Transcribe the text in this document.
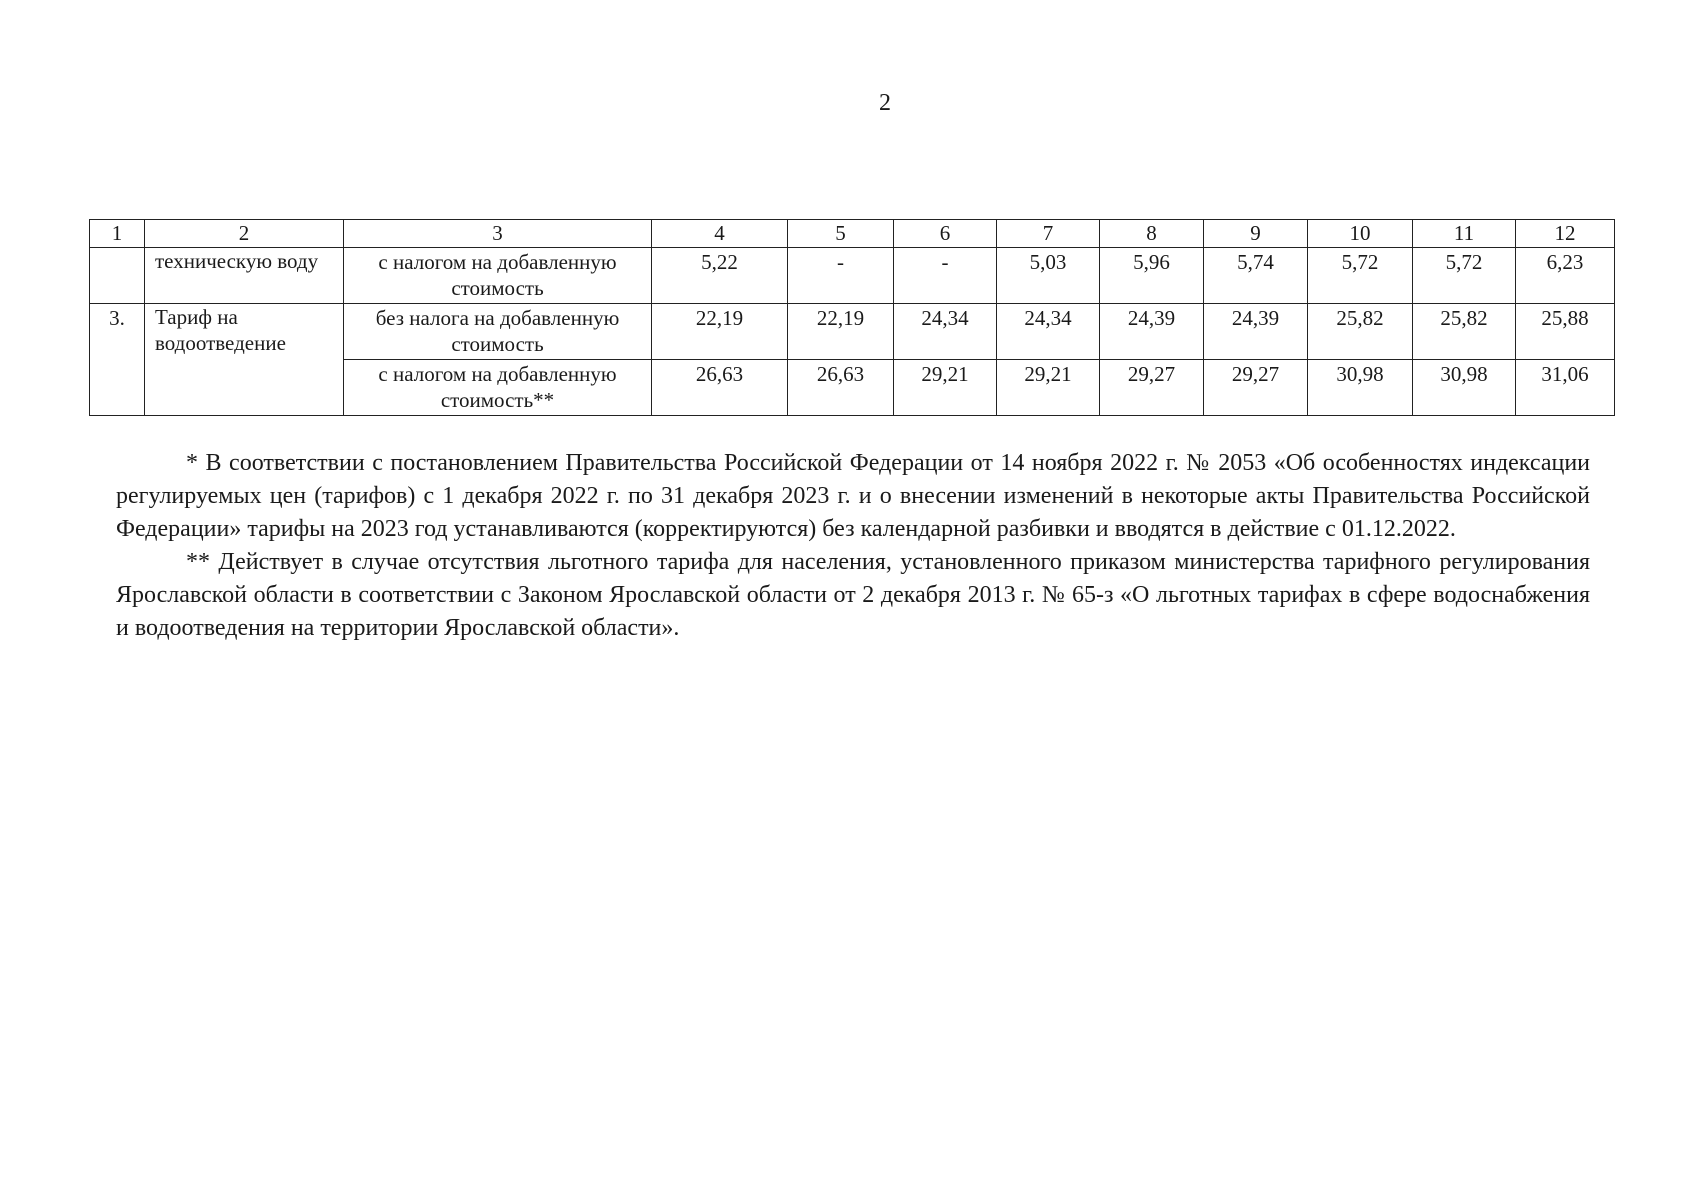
2
1	2	3	4	5	6	7	8	9	10	11	12
	техническую воду	с налогом на добавленную стоимость	5,22	-	-	5,03	5,96	5,74	5,72	5,72	6,23
3.	Тариф на водоотведение	без налога на добавленную стоимость	22,19	22,19	24,34	24,34	24,39	24,39	25,82	25,82	25,88
		с налогом на добавленную стоимость**	26,63	26,63	29,21	29,21	29,27	29,27	30,98	30,98	31,06

* В соответствии с постановлением Правительства Российской Федерации от 14 ноября 2022 г. № 2053 «Об особенностях индексации регулируемых цен (тарифов) с 1 декабря 2022 г. по 31 декабря 2023 г. и о внесении изменений в некоторые акты Правительства Российской Федерации» тарифы на 2023 год устанавливаются (корректируются) без календарной разбивки и вводятся в действие с 01.12.2022.

** Действует в случае отсутствия льготного тарифа для населения, установленного приказом министерства тарифного регулирования Ярославской области в соответствии с Законом Ярославской области от 2 декабря 2013 г. № 65-з «О льготных тарифах в сфере водоснабжения и водоотведения на территории Ярославской области».
